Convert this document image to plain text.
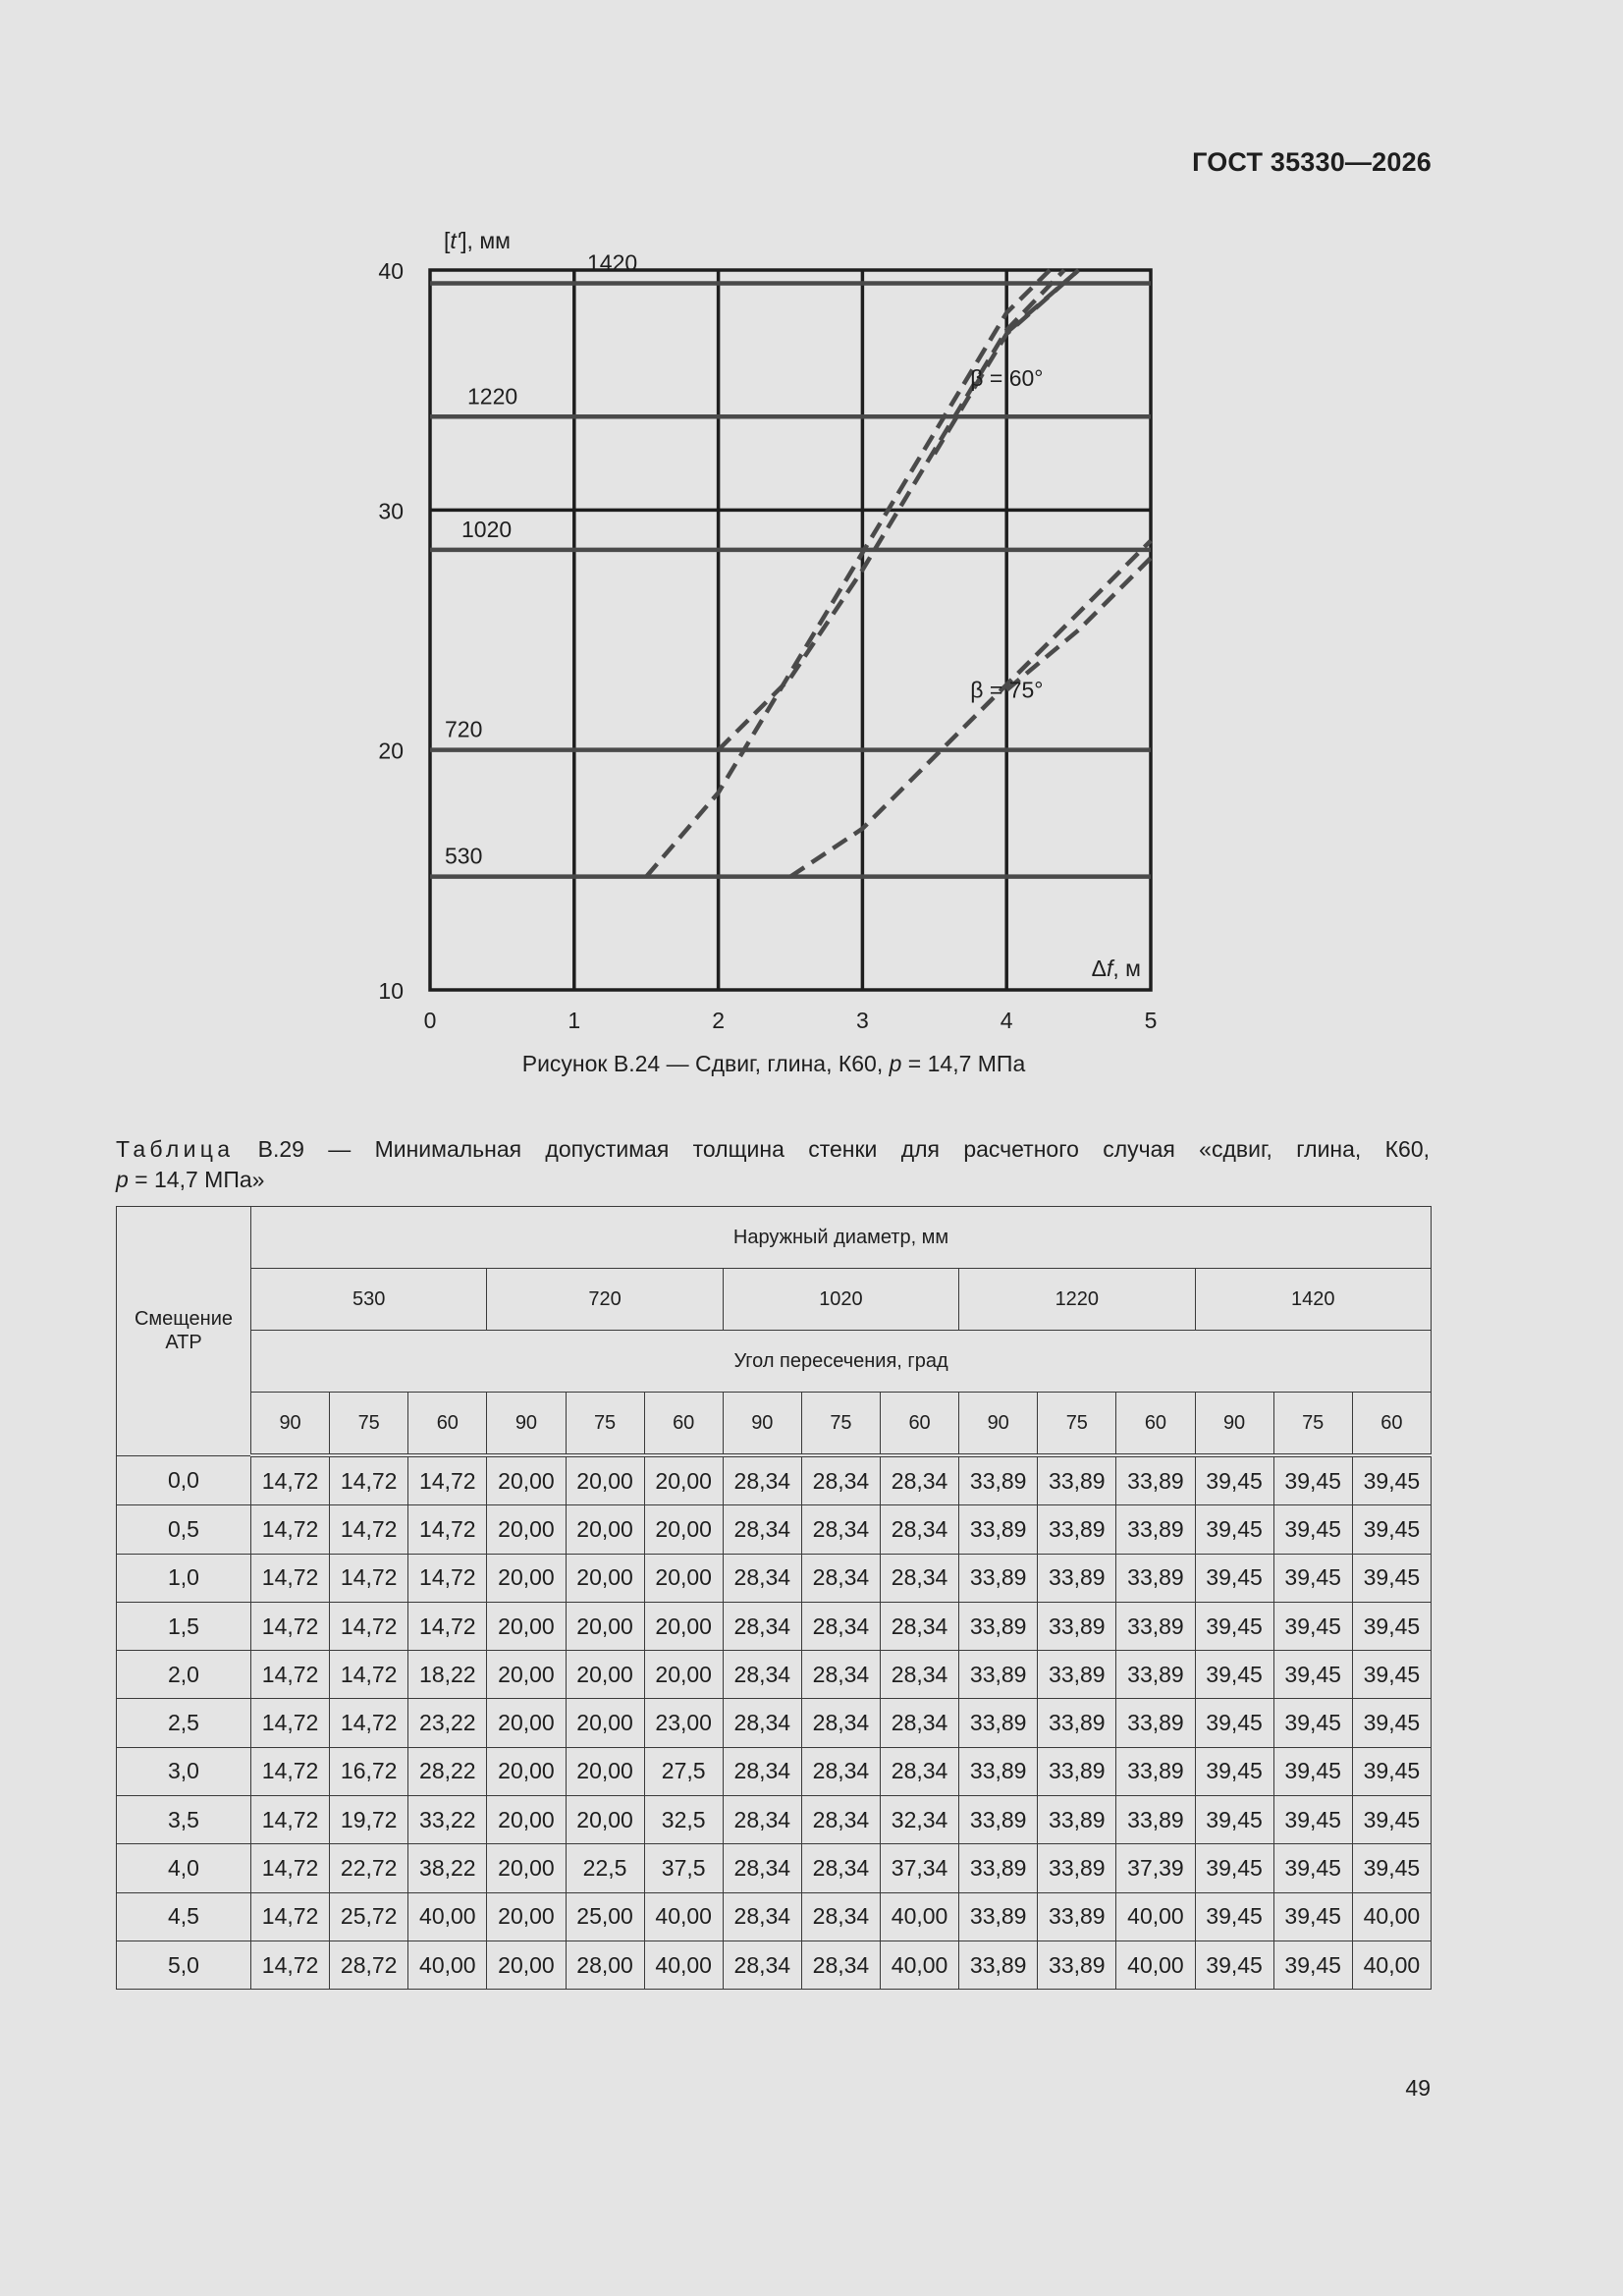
ГОСТ 35330—2026
530
720
1020
1220
1420
0	1	2	3	4	5
10
20
30
40
[t'], мм
Δf, м
β = 60°
β = 75°
Рисунок В.24 — Сдвиг, глина, К60, p = 14,7 МПа
Таблица В.29 — Минимальная допустимая толщина стенки для расчетного случая «сдвиг, глина, К60,
p = 14,7 МПа»
Смещение АТР	Наружный диаметр, мм														
	530			720			1020			1220			1420		
	Угол пересечения, град														
	90	75	60	90	75	60	90	75	60	90	75	60	90	75	60
0,0	14,72	14,72	14,72	20,00	20,00	20,00	28,34	28,34	28,34	33,89	33,89	33,89	39,45	39,45	39,45
0,5	14,72	14,72	14,72	20,00	20,00	20,00	28,34	28,34	28,34	33,89	33,89	33,89	39,45	39,45	39,45
1,0	14,72	14,72	14,72	20,00	20,00	20,00	28,34	28,34	28,34	33,89	33,89	33,89	39,45	39,45	39,45
1,5	14,72	14,72	14,72	20,00	20,00	20,00	28,34	28,34	28,34	33,89	33,89	33,89	39,45	39,45	39,45
2,0	14,72	14,72	18,22	20,00	20,00	20,00	28,34	28,34	28,34	33,89	33,89	33,89	39,45	39,45	39,45
2,5	14,72	14,72	23,22	20,00	20,00	23,00	28,34	28,34	28,34	33,89	33,89	33,89	39,45	39,45	39,45
3,0	14,72	16,72	28,22	20,00	20,00	27,5	28,34	28,34	28,34	33,89	33,89	33,89	39,45	39,45	39,45
3,5	14,72	19,72	33,22	20,00	20,00	32,5	28,34	28,34	32,34	33,89	33,89	33,89	39,45	39,45	39,45
4,0	14,72	22,72	38,22	20,00	22,5	37,5	28,34	28,34	37,34	33,89	33,89	37,39	39,45	39,45	39,45
4,5	14,72	25,72	40,00	20,00	25,00	40,00	28,34	28,34	40,00	33,89	33,89	40,00	39,45	39,45	40,00
5,0	14,72	28,72	40,00	20,00	28,00	40,00	28,34	28,34	40,00	33,89	33,89	40,00	39,45	39,45	40,00
49
